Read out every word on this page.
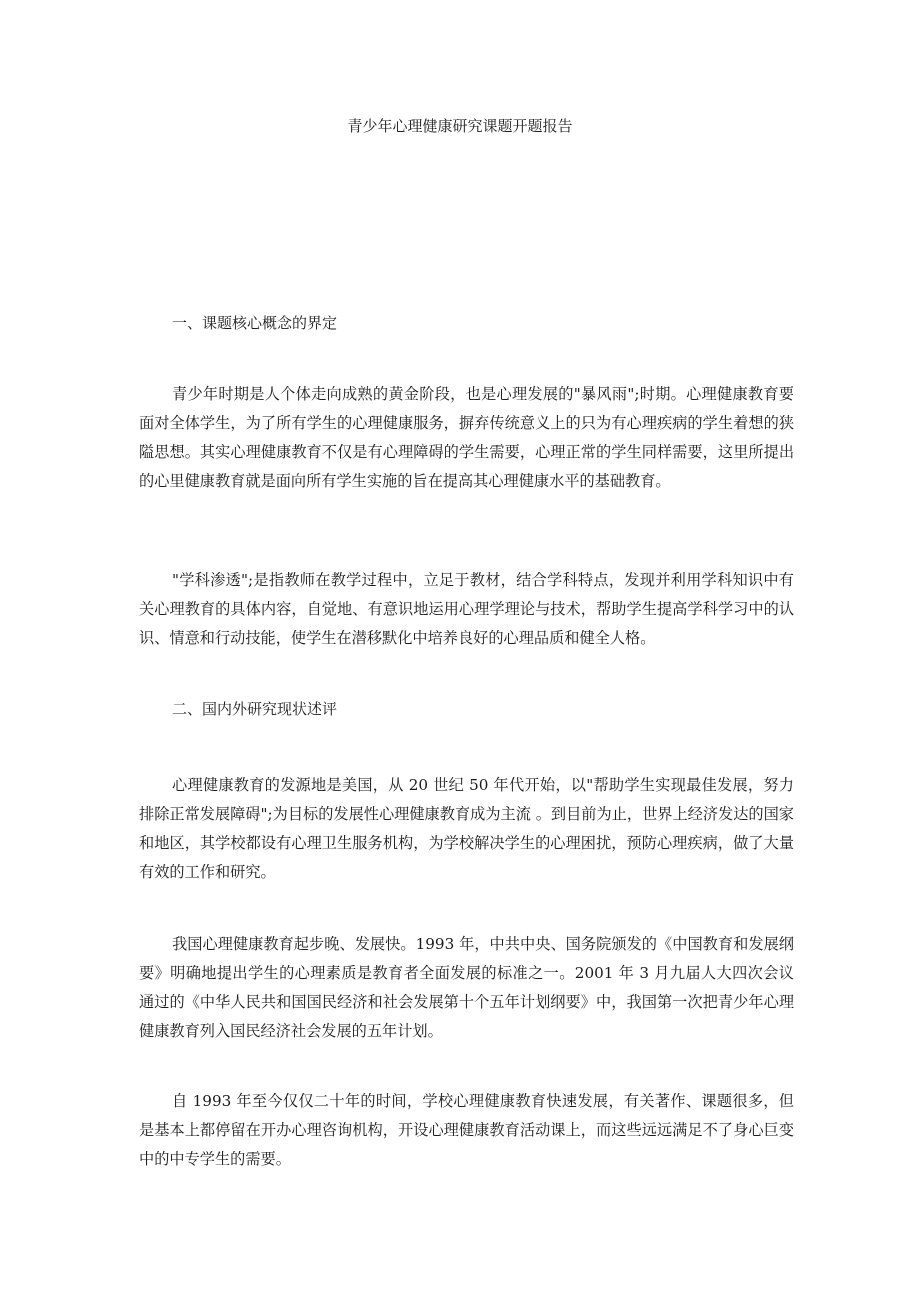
青少年心理健康研究课题开题报告
一、课题核心概念的界定

青少年时期是人个体走向成熟的黄金阶段，也是心理发展的"暴风雨";时期。心理健康教育要面对全体学生，为了所有学生的心理健康服务，摒弃传统意义上的只为有心理疾病的学生着想的狭隘思想。其实心理健康教育不仅是有心理障碍的学生需要，心理正常的学生同样需要，这里所提出的心里健康教育就是面向所有学生实施的旨在提高其心理健康水平的基础教育。

"学科渗透";是指教师在教学过程中，立足于教材，结合学科特点，发现并利用学科知识中有关心理教育的具体内容，自觉地、有意识地运用心理学理论与技术，帮助学生提高学科学习中的认识、情意和行动技能，使学生在潜移默化中培养良好的心理品质和健全人格。

二、国内外研究现状述评

心理健康教育的发源地是美国，从 20 世纪 50 年代开始，以"帮助学生实现最佳发展，努力排除正常发展障碍";为目标的发展性心理健康教育成为主流 。到目前为止，世界上经济发达的国家和地区，其学校都设有心理卫生服务机构，为学校解决学生的心理困扰，预防心理疾病，做了大量有效的工作和研究。

我国心理健康教育起步晚、发展快。1993 年，中共中央、国务院颁发的《中国教育和发展纲要》明确地提出学生的心理素质是教育者全面发展的标准之一。2001 年 3 月九届人大四次会议通过的《中华人民共和国国民经济和社会发展第十个五年计划纲要》中，我国第一次把青少年心理健康教育列入国民经济社会发展的五年计划。

自 1993 年至今仅仅二十年的时间，学校心理健康教育快速发展，有关著作、课题很多，但是基本上都停留在开办心理咨询机构，开设心理健康教育活动课上，而这些远远满足不了身心巨变中的中专学生的需要。
